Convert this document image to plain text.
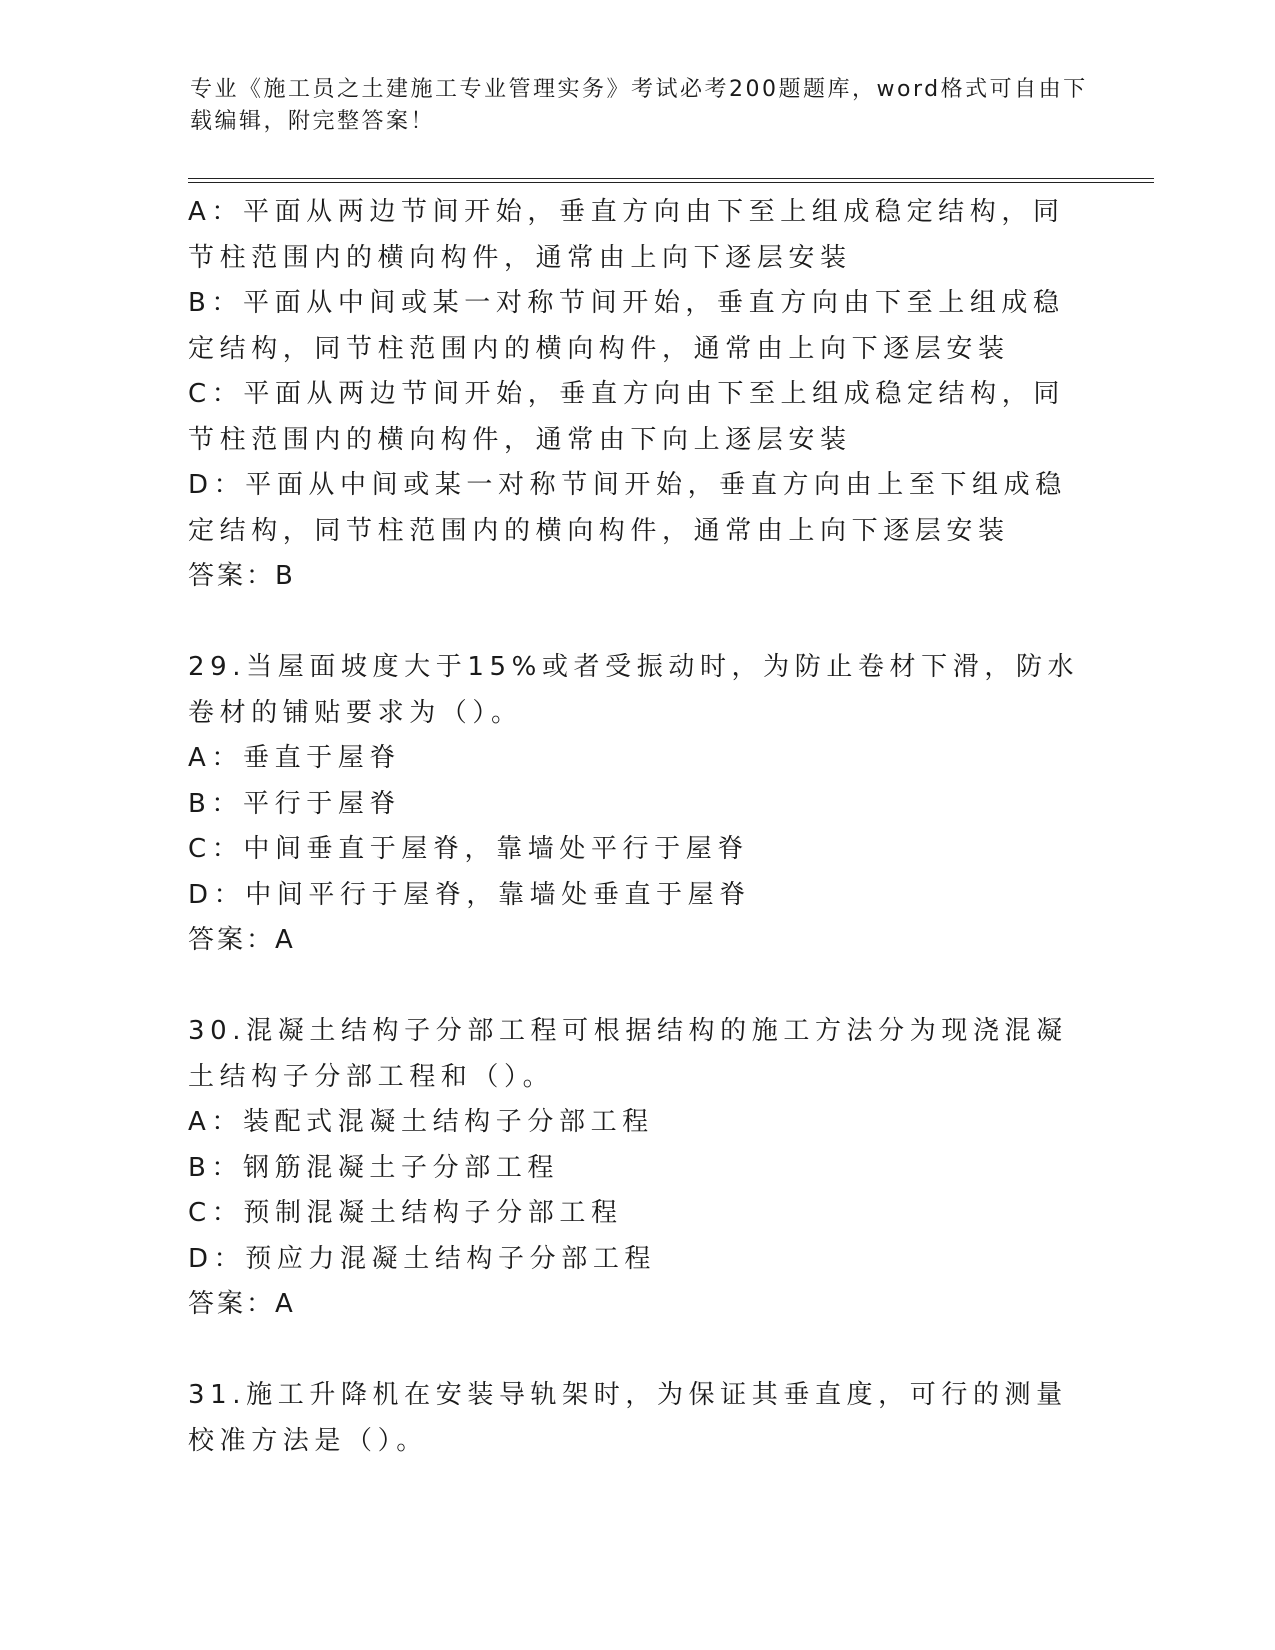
专业《施工员之土建施工专业管理实务》考试必考200题题库，word格式可自由下载编辑，附完整答案！

A：平面从两边节间开始，垂直方向由下至上组成稳定结构，同节柱范围内的横向构件，通常由上向下逐层安装

B：平面从中间或某一对称节间开始，垂直方向由下至上组成稳定结构，同节柱范围内的横向构件，通常由上向下逐层安装

C：平面从两边节间开始，垂直方向由下至上组成稳定结构，同节柱范围内的横向构件，通常由下向上逐层安装

D：平面从中间或某一对称节间开始，垂直方向由上至下组成稳定结构，同节柱范围内的横向构件，通常由上向下逐层安装

答案：B

29.当屋面坡度大于15%或者受振动时，为防止卷材下滑，防水卷材的铺贴要求为（）。

A：垂直于屋脊

B：平行于屋脊

C：中间垂直于屋脊，靠墙处平行于屋脊

D：中间平行于屋脊，靠墙处垂直于屋脊

答案：A

30.混凝土结构子分部工程可根据结构的施工方法分为现浇混凝土结构子分部工程和（）。

A：装配式混凝土结构子分部工程

B：钢筋混凝土子分部工程

C：预制混凝土结构子分部工程

D：预应力混凝土结构子分部工程

答案：A

31.施工升降机在安装导轨架时，为保证其垂直度，可行的测量校准方法是（）。
